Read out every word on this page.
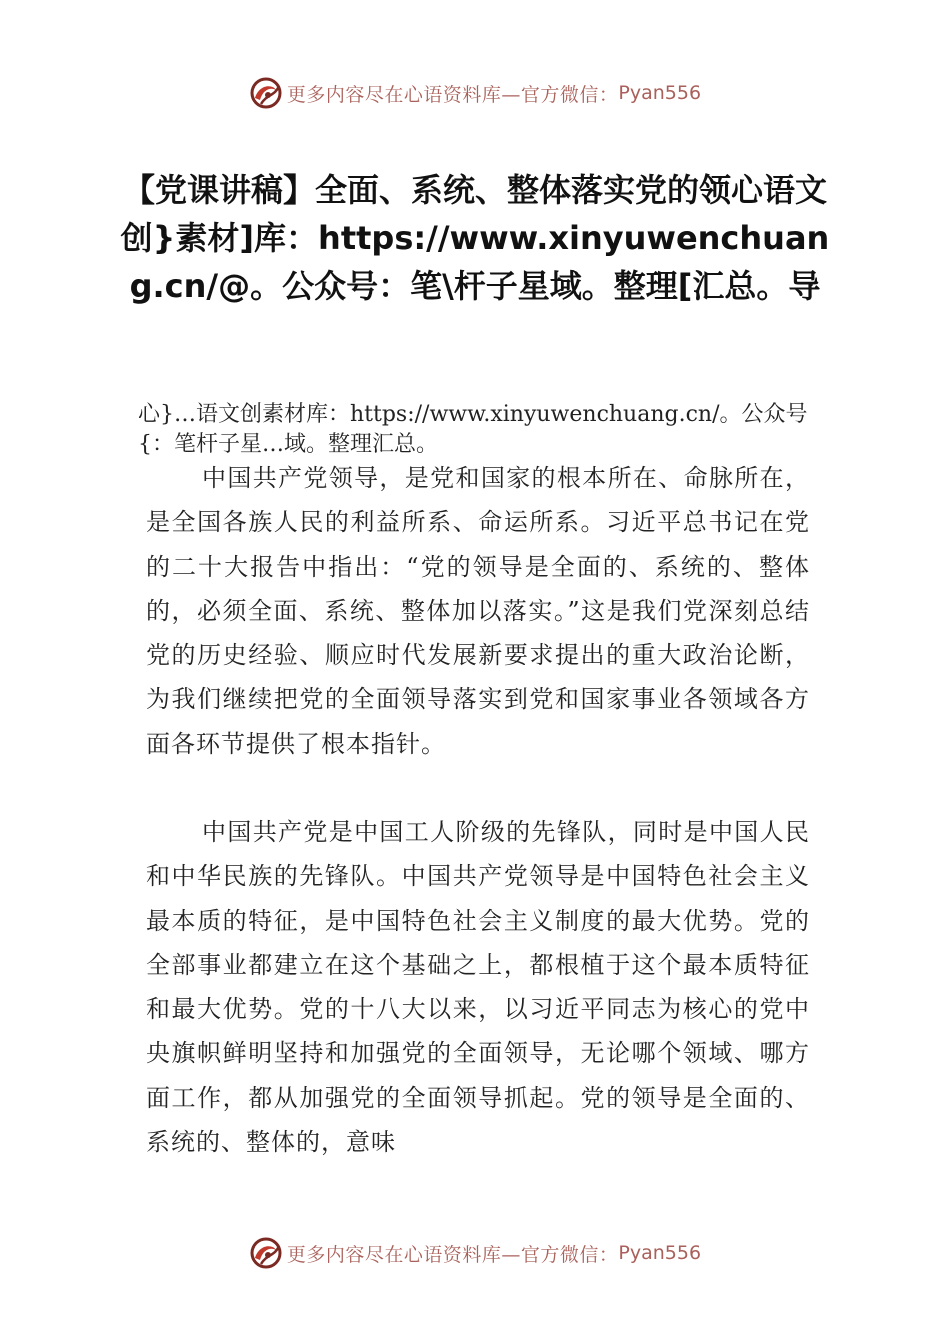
更多内容尽在心语资料库—官方微信： Pyan556
【党课讲稿】全面、系统、整体落实党的领心语文创}素材]库：https://www.xinyuwenchuang.cn/@。公众号：笔\杆子星域。整理[汇总。导

心}…语文创素材库：https://www.xinyuwenchuang.cn/。公众号{：笔杆子星…域。整理汇总。

中国共产党领导，是党和国家的根本所在、命脉所在，是全国各族人民的利益所系、命运所系。习近平总书记在党的二十大报告中指出：“党的领导是全面的、系统的、整体的，必须全面、系统、整体加以落实。”这是我们党深刻总结党的历史经验、顺应时代发展新要求提出的重大政治论断，为我们继续把党的全面领导落实到党和国家事业各领域各方面各环节提供了根本指针。

中国共产党是中国工人阶级的先锋队，同时是中国人民和中华民族的先锋队。中国共产党领导是中国特色社会主义最本质的特征，是中国特色社会主义制度的最大优势。党的全部事业都建立在这个基础之上，都根植于这个最本质特征和最大优势。党的十八大以来，以习近平同志为核心的党中央旗帜鲜明坚持和加强党的全面领导，无论哪个领域、哪方面工作，都从加强党的全面领导抓起。党的领导是全面的、系统的、整体的，意味

更多内容尽在心语资料库—官方微信： Pyan556
